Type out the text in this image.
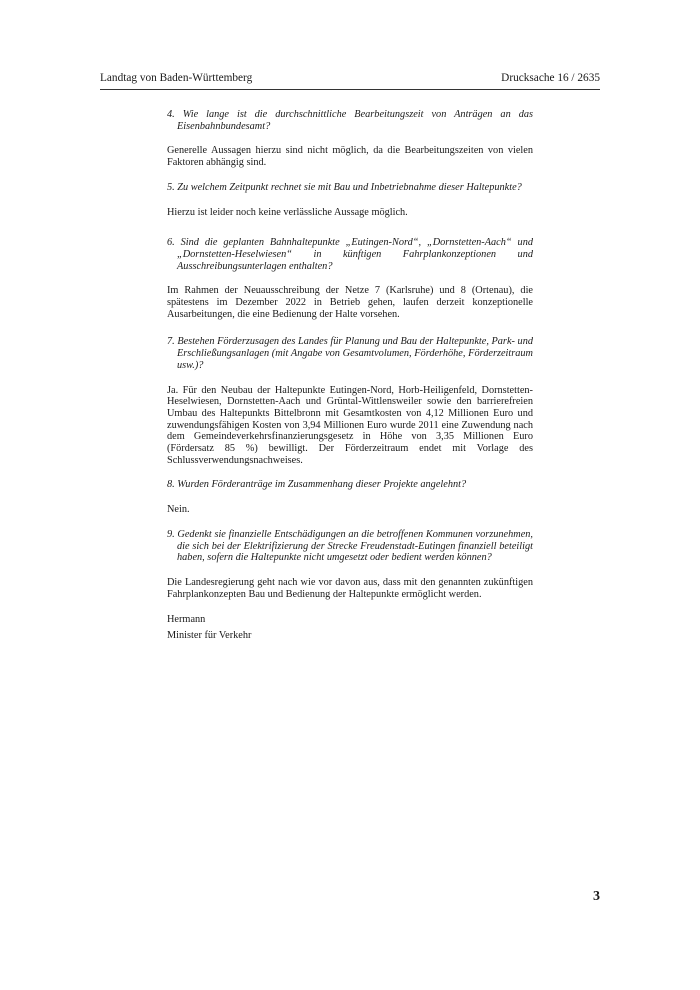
Landtag von Baden-Württemberg	Drucksache 16 / 2635

4. Wie lange ist die durchschnittliche Bearbeitungszeit von Anträgen an das Eisenbahnbundesamt?

Generelle Aussagen hierzu sind nicht möglich, da die Bearbeitungszeiten von vielen Faktoren abhängig sind.

5. Zu welchem Zeitpunkt rechnet sie mit Bau und Inbetriebnahme dieser Haltepunkte?

Hierzu ist leider noch keine verlässliche Aussage möglich.

6. Sind die geplanten Bahnhaltepunkte „Eutingen-Nord“, „Dornstetten-Aach“ und „Dornstetten-Heselwiesen“ in künftigen Fahrplankonzeptionen und Ausschreibungsunterlagen enthalten?

Im Rahmen der Neuausschreibung der Netze 7 (Karlsruhe) und 8 (Ortenau), die spätestens im Dezember 2022 in Betrieb gehen, laufen derzeit konzeptionelle Ausarbeitungen, die eine Bedienung der Halte vorsehen.

7. Bestehen Förderzusagen des Landes für Planung und Bau der Haltepunkte, Park- und Erschließungsanlagen (mit Angabe von Gesamtvolumen, Förderhöhe, Förderzeitraum usw.)?

Ja. Für den Neubau der Haltepunkte Eutingen-Nord, Horb-Heiligenfeld, Dornstetten-Heselwiesen, Dornstetten-Aach und Grüntal-Wittlensweiler sowie den barrierefreien Umbau des Haltepunkts Bittelbronn mit Gesamtkosten von 4,12 Millionen Euro und zuwendungsfähigen Kosten von 3,94 Millionen Euro wurde 2011 eine Zuwendung nach dem Gemeindeverkehrsfinanzierungsgesetz in Höhe von 3,35 Millionen Euro (Fördersatz 85 %) bewilligt. Der Förderzeitraum endet mit Vorlage des Schlussverwendungsnachweises.

8. Wurden Förderanträge im Zusammenhang dieser Projekte angelehnt?

Nein.

9. Gedenkt sie finanzielle Entschädigungen an die betroffenen Kommunen vorzunehmen, die sich bei der Elektrifizierung der Strecke Freudenstadt-Eutingen finanziell beteiligt haben, sofern die Haltepunkte nicht umgesetzt oder bedient werden können?

Die Landesregierung geht nach wie vor davon aus, dass mit den genannten zukünftigen Fahrplankonzepten Bau und Bedienung der Haltepunkte ermöglicht werden.

Hermann

Minister für Verkehr

3
